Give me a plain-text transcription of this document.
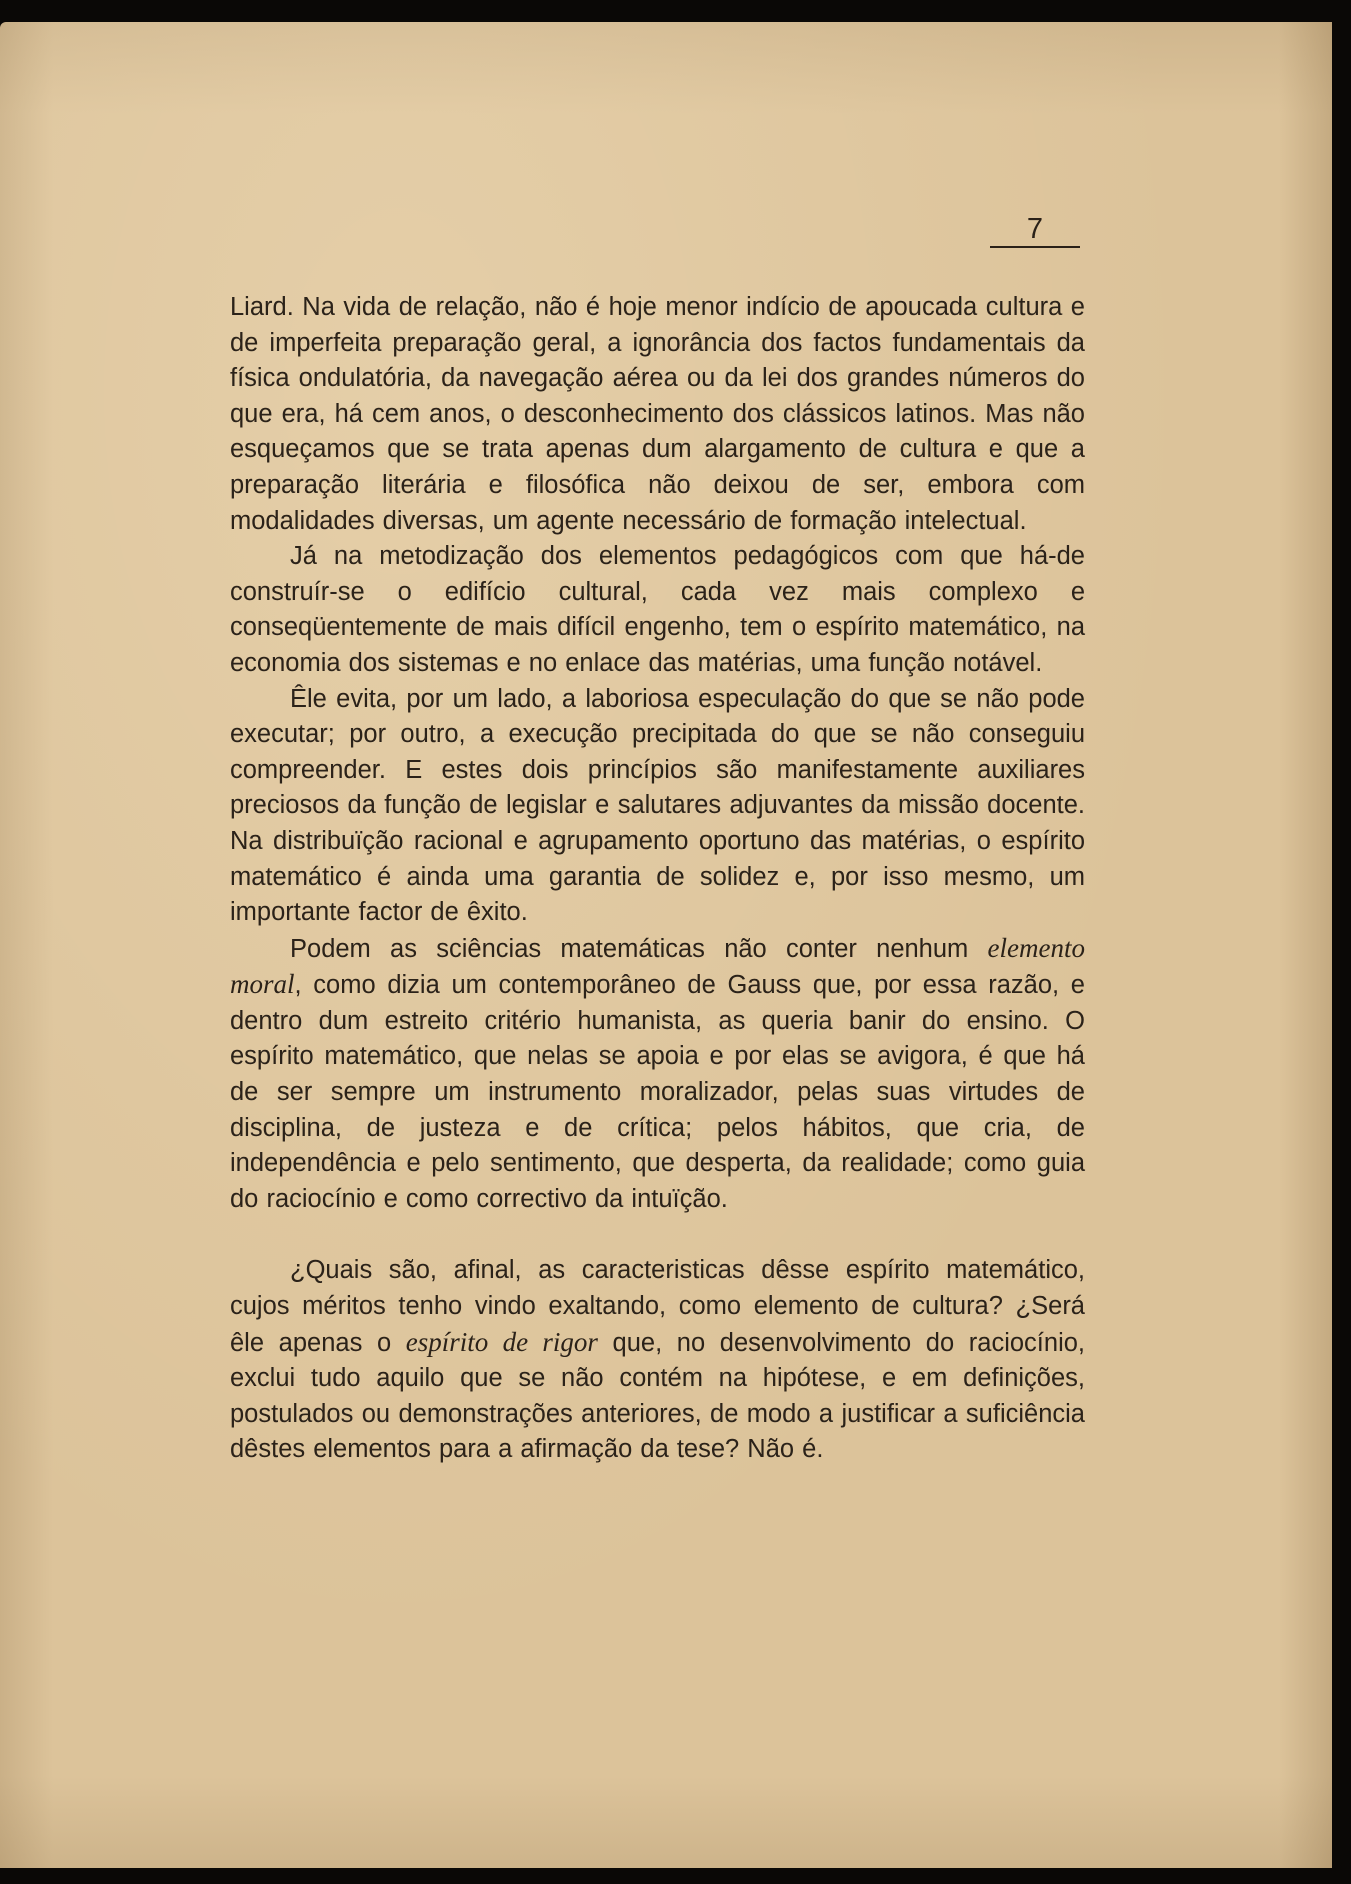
7

Liard. Na vida de relação, não é hoje menor indício de apoucada cultura e de imperfeita preparação geral, a ignorância dos factos fundamentais da física ondulatória, da navegação aérea ou da lei dos grandes números do que era, há cem anos, o desconhecimento dos clássicos latinos. Mas não esqueçamos que se trata apenas dum alargamento de cultura e que a preparação literária e filosófica não deixou de ser, embora com modalidades diversas, um agente necessário de formação intelectual.

Já na metodização dos elementos pedagógicos com que há-de construír-se o edifício cultural, cada vez mais complexo e conseqüentemente de mais difícil engenho, tem o espírito matemático, na economia dos sistemas e no enlace das matérias, uma função notável.

Êle evita, por um lado, a laboriosa especulação do que se não pode executar; por outro, a execução precipitada do que se não conseguiu compreender. E estes dois princípios são manifestamente auxiliares preciosos da função de legislar e salutares adjuvantes da missão docente. Na distribuïção racional e agrupamento oportuno das matérias, o espírito matemático é ainda uma garantia de solidez e, por isso mesmo, um importante factor de êxito.

Podem as sciências matemáticas não conter nenhum elemento moral, como dizia um contemporâneo de Gauss que, por essa razão, e dentro dum estreito critério humanista, as queria banir do ensino. O espírito matemático, que nelas se apoia e por elas se avigora, é que há de ser sempre um instrumento moralizador, pelas suas virtudes de disciplina, de justeza e de crítica; pelos hábitos, que cria, de independência e pelo sentimento, que desperta, da realidade; como guia do raciocínio e como correctivo da intuïção.

¿Quais são, afinal, as caracteristicas dêsse espírito matemático, cujos méritos tenho vindo exaltando, como elemento de cultura? ¿Será êle apenas o espírito de rigor que, no desenvolvimento do raciocínio, exclui tudo aquilo que se não contém na hipótese, e em definições, postulados ou demonstrações anteriores, de modo a justificar a suficiência dêstes elementos para a afirmação da tese? Não é.
